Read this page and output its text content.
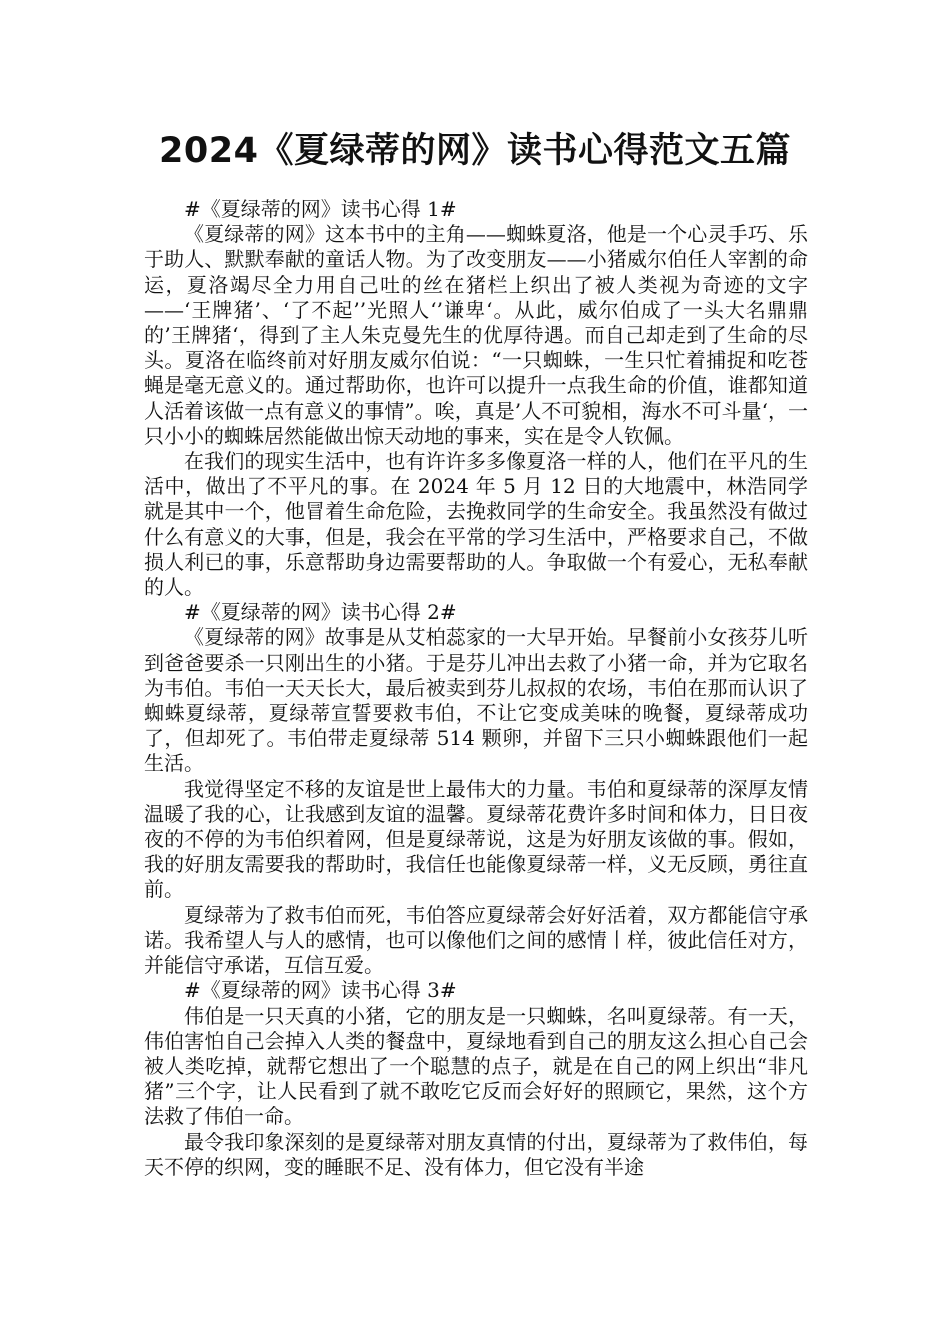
2024《夏绿蒂的网》读书心得范文五篇

#《夏绿蒂的网》读书心得 1#

《夏绿蒂的网》这本书中的主角——蜘蛛夏洛，他是一个心灵手巧、乐于助人、默默奉献的童话人物。为了改变朋友——小猪威尔伯任人宰割的命运，夏洛竭尽全力用自己吐的丝在猪栏上织出了被人类视为奇迹的文字——‘王牌猪’、‘了不起’’光照人‘’谦卑‘。从此，威尔伯成了一头大名鼎鼎的’王牌猪‘，得到了主人朱克曼先生的优厚待遇。而自己却走到了生命的尽头。夏洛在临终前对好朋友威尔伯说：“一只蜘蛛，一生只忙着捕捉和吃苍蝇是毫无意义的。通过帮助你，也许可以提升一点我生命的价值，谁都知道人活着该做一点有意义的事情”。唉，真是’人不可貌相，海水不可斗量‘，一只小小的蜘蛛居然能做出惊天动地的事来，实在是令人钦佩。

在我们的现实生活中，也有许许多多像夏洛一样的人，他们在平凡的生活中，做出了不平凡的事。在 2024 年 5 月 12 日的大地震中，林浩同学就是其中一个，他冒着生命危险，去挽救同学的生命安全。我虽然没有做过什么有意义的大事，但是，我会在平常的学习生活中，严格要求自己，不做损人利已的事，乐意帮助身边需要帮助的人。争取做一个有爱心，无私奉献的人。

#《夏绿蒂的网》读书心得 2#

《夏绿蒂的网》故事是从艾柏蕊家的一大早开始。早餐前小女孩芬儿听到爸爸要杀一只刚出生的小猪。于是芬儿冲出去救了小猪一命，并为它取名为韦伯。韦伯一天天长大，最后被卖到芬儿叔叔的农场，韦伯在那而认识了蜘蛛夏绿蒂，夏绿蒂宣誓要救韦伯，不让它变成美味的晚餐，夏绿蒂成功了，但却死了。韦伯带走夏绿蒂 514 颗卵，并留下三只小蜘蛛跟他们一起生活。

我觉得坚定不移的友谊是世上最伟大的力量。韦伯和夏绿蒂的深厚友情温暖了我的心，让我感到友谊的温馨。夏绿蒂花费许多时间和体力，日日夜夜的不停的为韦伯织着网，但是夏绿蒂说，这是为好朋友该做的事。假如，我的好朋友需要我的帮助时，我信任也能像夏绿蒂一样，义无反顾，勇往直前。

夏绿蒂为了救韦伯而死，韦伯答应夏绿蒂会好好活着，双方都能信守承诺。我希望人与人的感情，也可以像他们之间的感情丨样，彼此信任对方，并能信守承诺，互信互爱。

#《夏绿蒂的网》读书心得 3#

伟伯是一只天真的小猪，它的朋友是一只蜘蛛，名叫夏绿蒂。有一天，伟伯害怕自己会掉入人类的餐盘中，夏绿地看到自己的朋友这么担心自己会被人类吃掉，就帮它想出了一个聪慧的点子，就是在自己的网上织出“非凡猪”三个字，让人民看到了就不敢吃它反而会好好的照顾它，果然，这个方法救了伟伯一命。

最令我印象深刻的是夏绿蒂对朋友真情的付出，夏绿蒂为了救伟伯，每天不停的织网，变的睡眠不足、没有体力，但它没有半途
